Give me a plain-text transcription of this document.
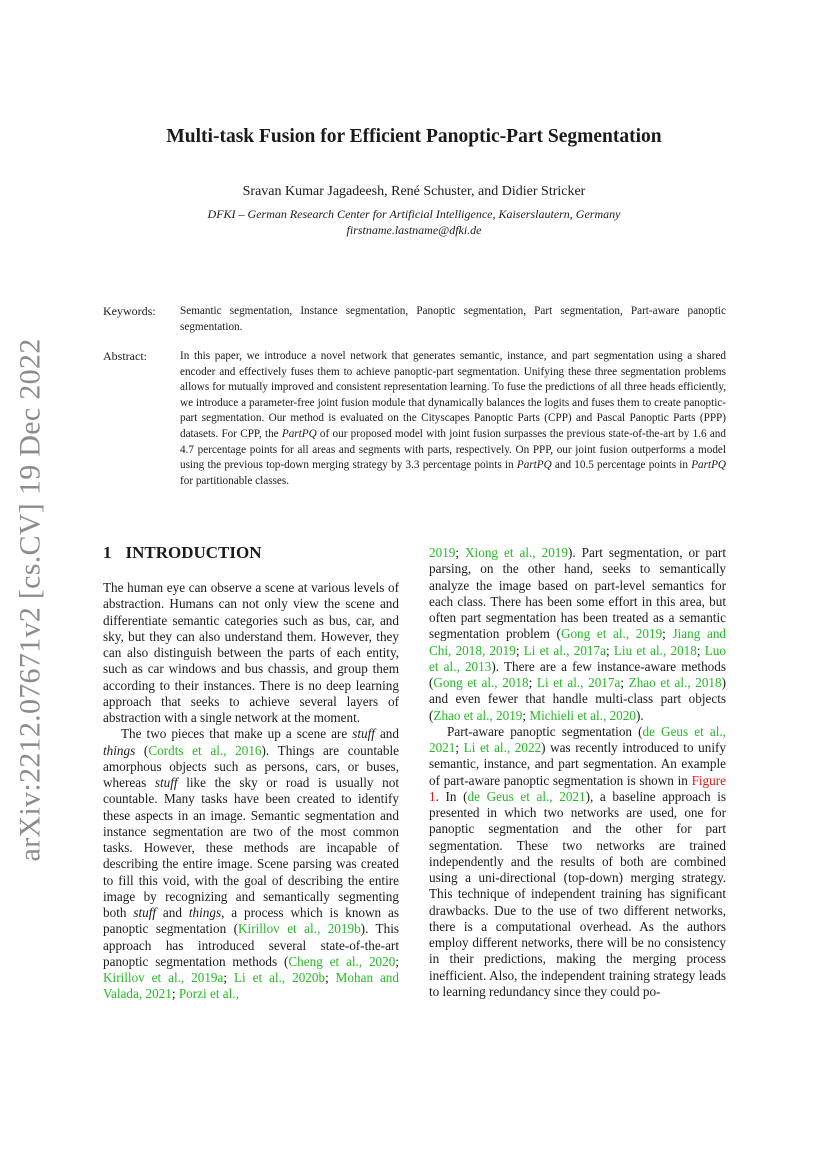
arXiv:2212.07671v2 [cs.CV] 19 Dec 2022
Multi-task Fusion for Efficient Panoptic-Part Segmentation
Sravan Kumar Jagadeesh, René Schuster, and Didier Stricker
DFKI – German Research Center for Artificial Intelligence, Kaiserslautern, Germany
firstname.lastname@dfki.de
Keywords: Semantic segmentation, Instance segmentation, Panoptic segmentation, Part segmentation, Part-aware panoptic segmentation.

Abstract:	In this paper, we introduce a novel network that generates semantic, instance, and part segmentation using a shared encoder and effectively fuses them to achieve panoptic-part segmentation. Unifying these three segmentation problems allows for mutually improved and consistent representation learning. To fuse the predictions of all three heads efficiently, we introduce a parameter-free joint fusion module that dynamically balances the logits and fuses them to create panoptic-part segmentation. Our method is evaluated on the Cityscapes Panoptic Parts (CPP) and Pascal Panoptic Parts (PPP) datasets. For CPP, the PartPQ of our proposed model with joint fusion surpasses the previous state-of-the-art by 1.6 and 4.7 percentage points for all areas and segments with parts, respectively. On PPP, our joint fusion outperforms a model using the previous top-down merging strategy by 3.3 percentage points in PartPQ and 10.5 percentage points in PartPQ for partitionable classes.

1 INTRODUCTION

The human eye can observe a scene at various levels of abstraction. Humans can not only view the scene and differentiate semantic categories such as bus, car, and sky, but they can also understand them. However, they can also distinguish between the parts of each entity, such as car windows and bus chassis, and group them according to their instances. There is no deep learning approach that seeks to achieve several layers of abstraction with a single network at the moment.

The two pieces that make up a scene are stuff and things (Cordts et al., 2016). Things are countable amorphous objects such as persons, cars, or buses, whereas stuff like the sky or road is usually not countable. Many tasks have been created to identify these aspects in an image. Semantic segmentation and instance segmentation are two of the most common tasks. However, these methods are incapable of describing the entire image. Scene parsing was created to fill this void, with the goal of describing the entire image by recognizing and semantically segmenting both stuff and things, a process which is known as panoptic segmentation (Kirillov et al., 2019b). This approach has introduced several state-of-the-art panoptic segmentation methods (Cheng et al., 2020; Kirillov et al., 2019a; Li et al., 2020b; Mohan and Valada, 2021; Porzi et al.,

2019; Xiong et al., 2019). Part segmentation, or part parsing, on the other hand, seeks to semantically analyze the image based on part-level semantics for each class. There has been some effort in this area, but often part segmentation has been treated as a semantic segmentation problem (Gong et al., 2019; Jiang and Chi, 2018, 2019; Li et al., 2017a; Liu et al., 2018; Luo et al., 2013). There are a few instance-aware methods (Gong et al., 2018; Li et al., 2017a; Zhao et al., 2018) and even fewer that handle multi-class part objects (Zhao et al., 2019; Michieli et al., 2020).

Part-aware panoptic segmentation (de Geus et al., 2021; Li et al., 2022) was recently introduced to unify semantic, instance, and part segmentation. An example of part-aware panoptic segmentation is shown in Figure 1. In (de Geus et al., 2021), a baseline approach is presented in which two networks are used, one for panoptic segmentation and the other for part segmentation. These two networks are trained independently and the results of both are combined using a uni-directional (top-down) merging strategy. This technique of independent training has significant drawbacks. Due to the use of two different networks, there is a computational overhead. As the authors employ different networks, there will be no consistency in their predictions, making the merging process inefficient. Also, the independent training strategy leads to learning redundancy since they could po-
